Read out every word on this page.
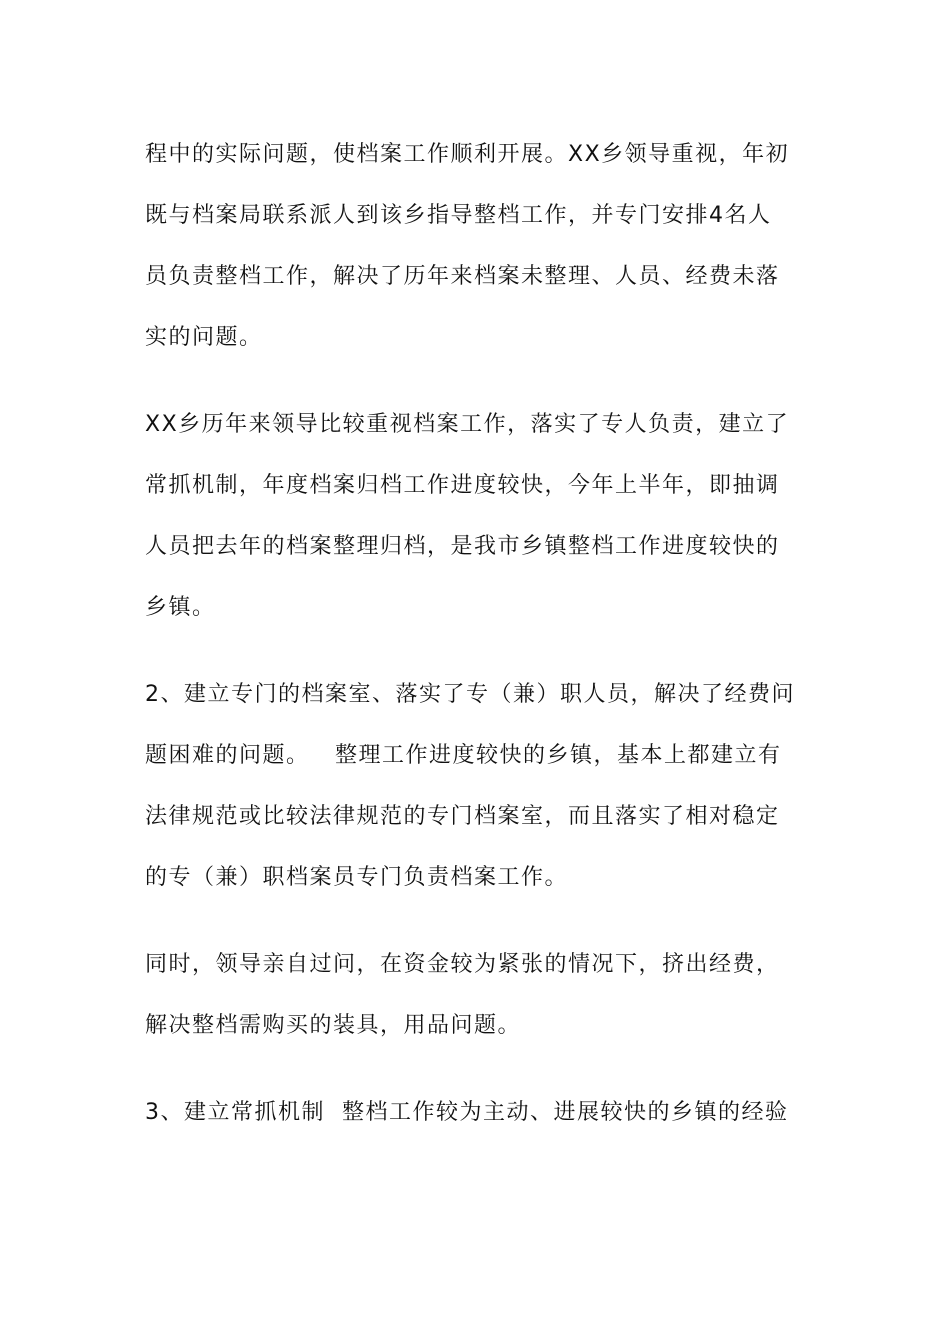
程中的实际问题，使档案工作顺利开展。XX乡领导重视，年初
既与档案局联系派人到该乡指导整档工作，并专门安排4名人
员负责整档工作，解决了历年来档案未整理、人员、经费未落
实的问题。
XX乡历年来领导比较重视档案工作，落实了专人负责，建立了
常抓机制，年度档案归档工作进度较快，今年上半年，即抽调
人员把去年的档案整理归档，是我市乡镇整档工作进度较快的
乡镇。
2、建立专门的档案室、落实了专（兼）职人员，解决了经费问
题困难的问题。   整理工作进度较快的乡镇，基本上都建立有
法律规范或比较法律规范的专门档案室，而且落实了相对稳定
的专（兼）职档案员专门负责档案工作。
同时，领导亲自过问，在资金较为紧张的情况下，挤出经费，
解决整档需购买的装具，用品问题。
3、建立常抓机制  整档工作较为主动、进展较快的乡镇的经验
